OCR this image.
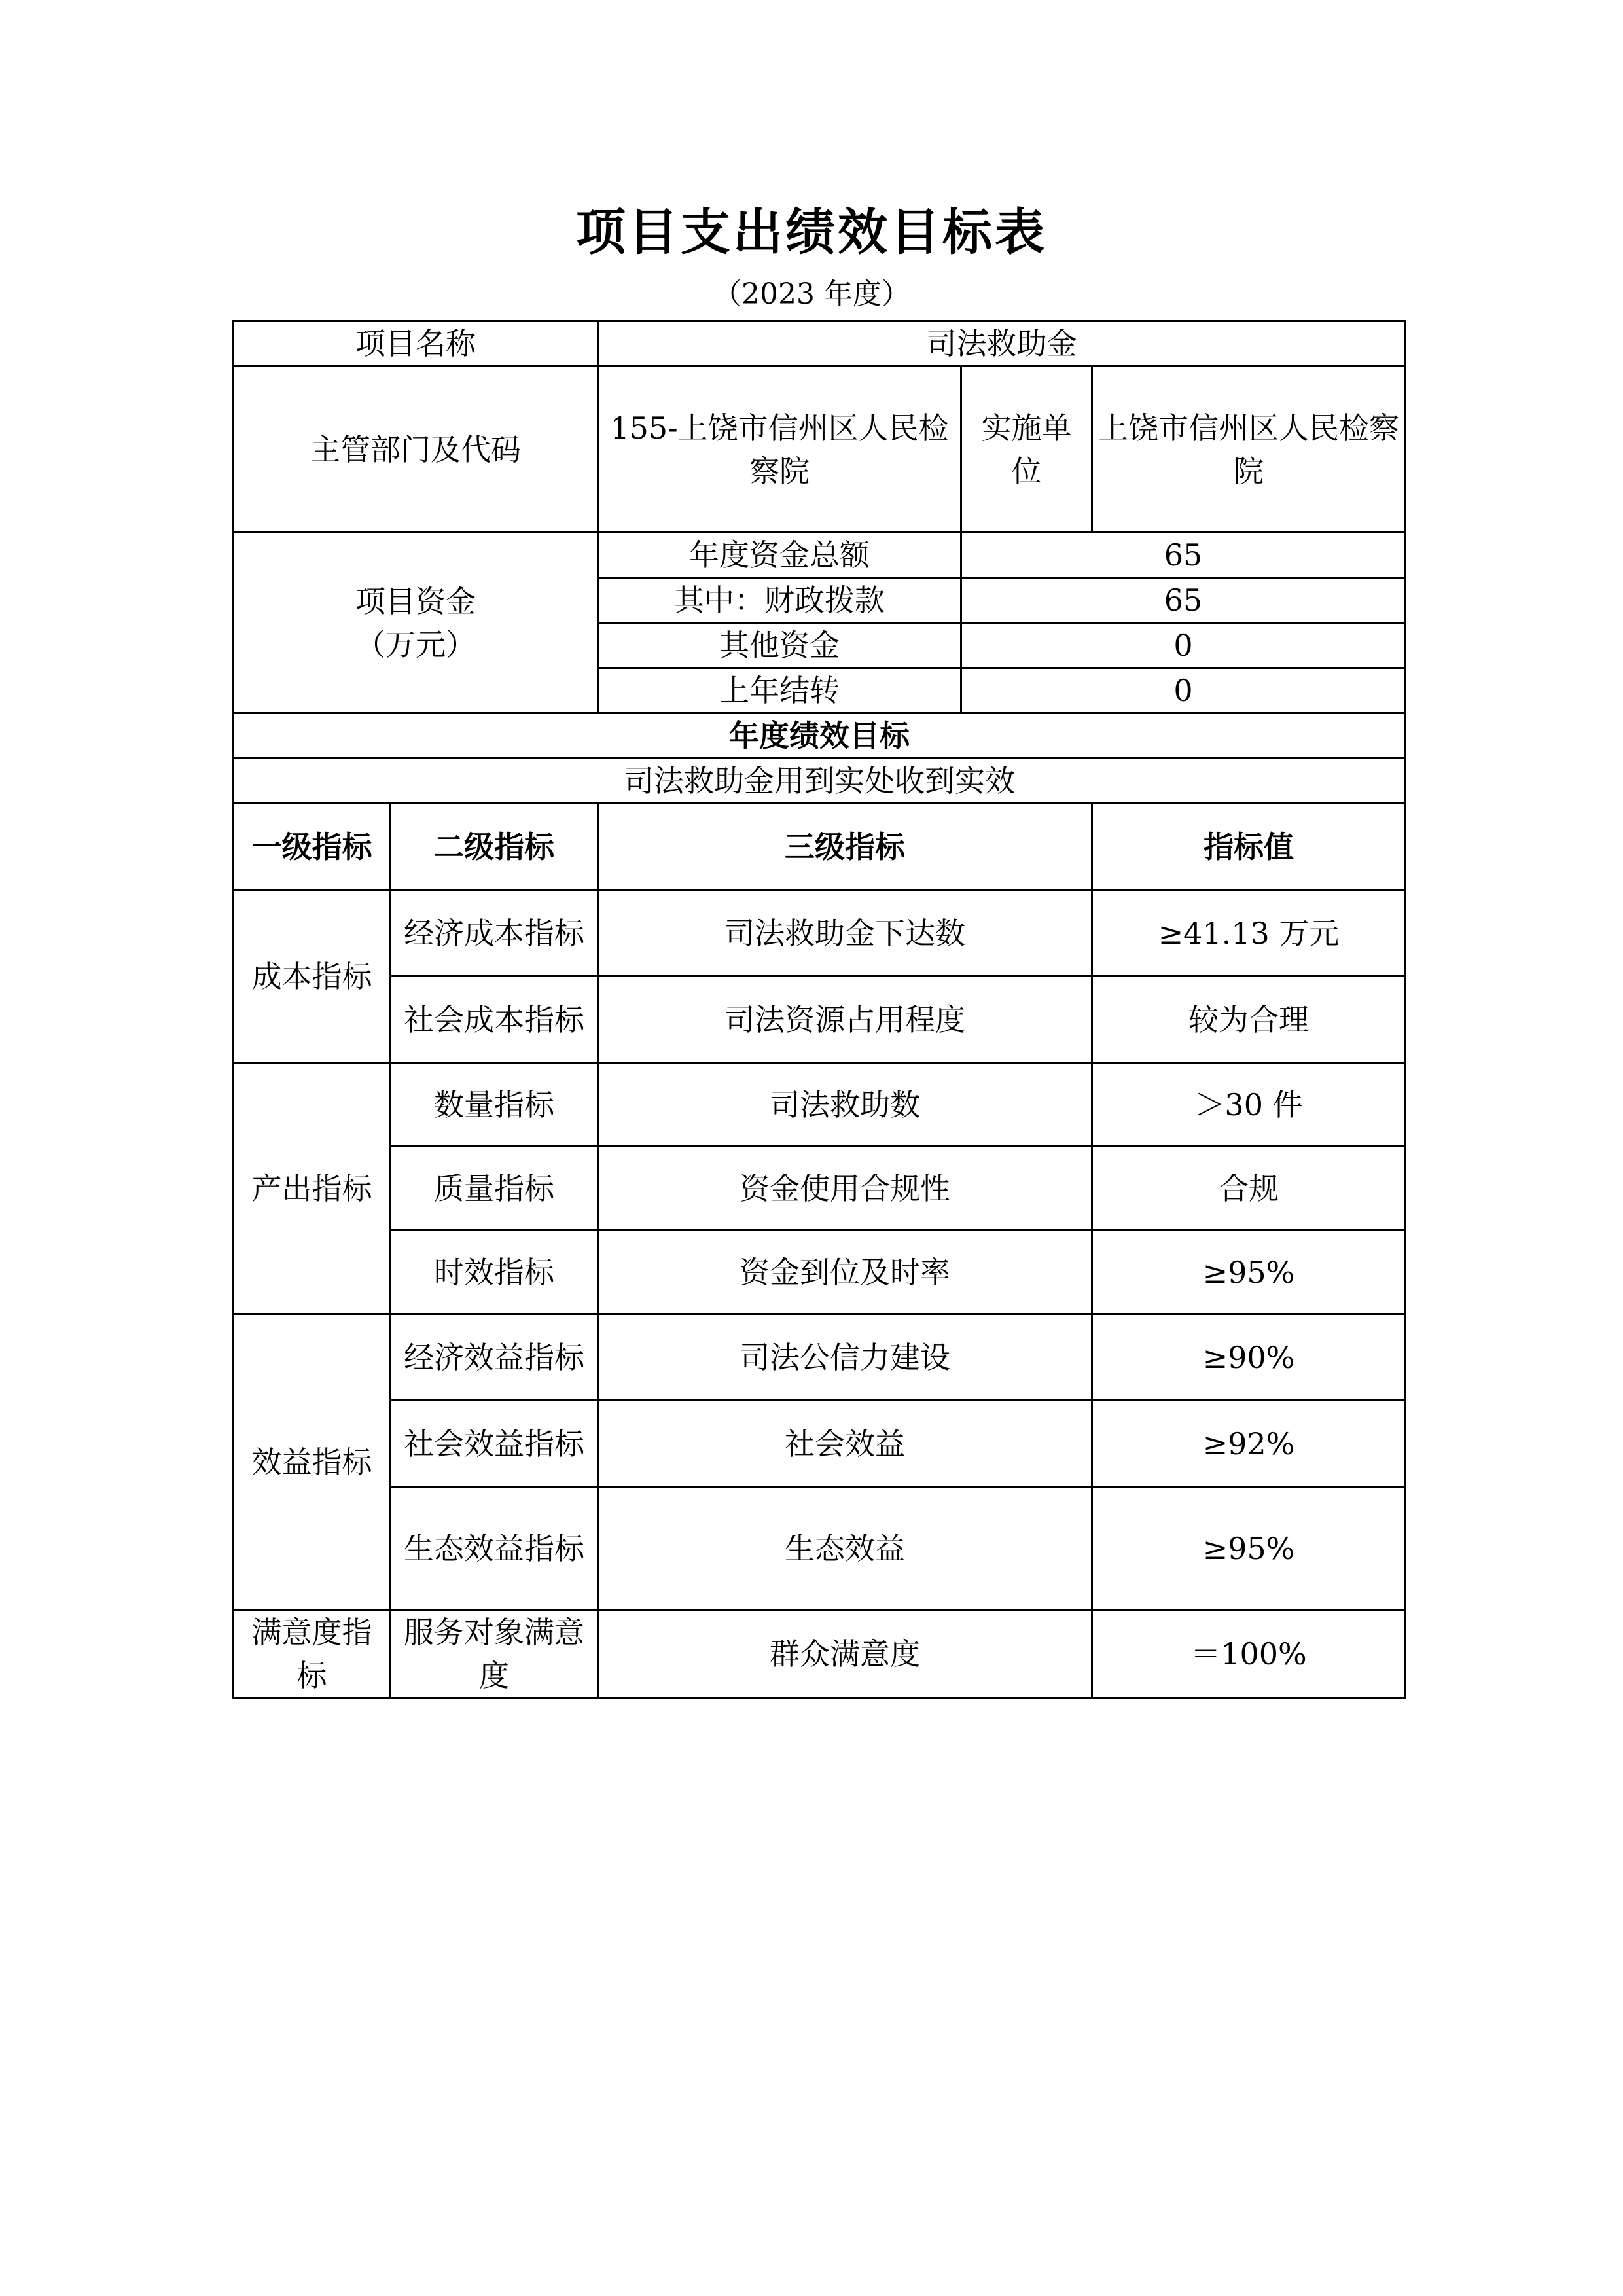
项目支出绩效目标表
（2023 年度）
项目名称		司法救助金		
主管部门及代码		155-上饶市信州区人民检察院	实施单位	上饶市信州区人民检察院

项目资金
（万元）		年度资金总额	65	
		其中：财政拨款	65	
		其他资金	0	
		上年结转	0	
年度绩效目标				
司法救助金用到实处收到实效				
一级指标	二级指标	三级指标		指标值
成本指标	经济成本指标	司法救助金下达数		≥41.13 万元
	社会成本指标	司法资源占用程度		较为合理
产出指标	数量指标	司法救助数		＞30 件
	质量指标	资金使用合规性		合规
	时效指标	资金到位及时率		≥95%
效益指标	经济效益指标	司法公信力建设		≥90%
	社会效益指标	社会效益		≥92%
	生态效益指标	生态效益		≥95%
满意度指标	服务对象满意度	群众满意度		＝100%
